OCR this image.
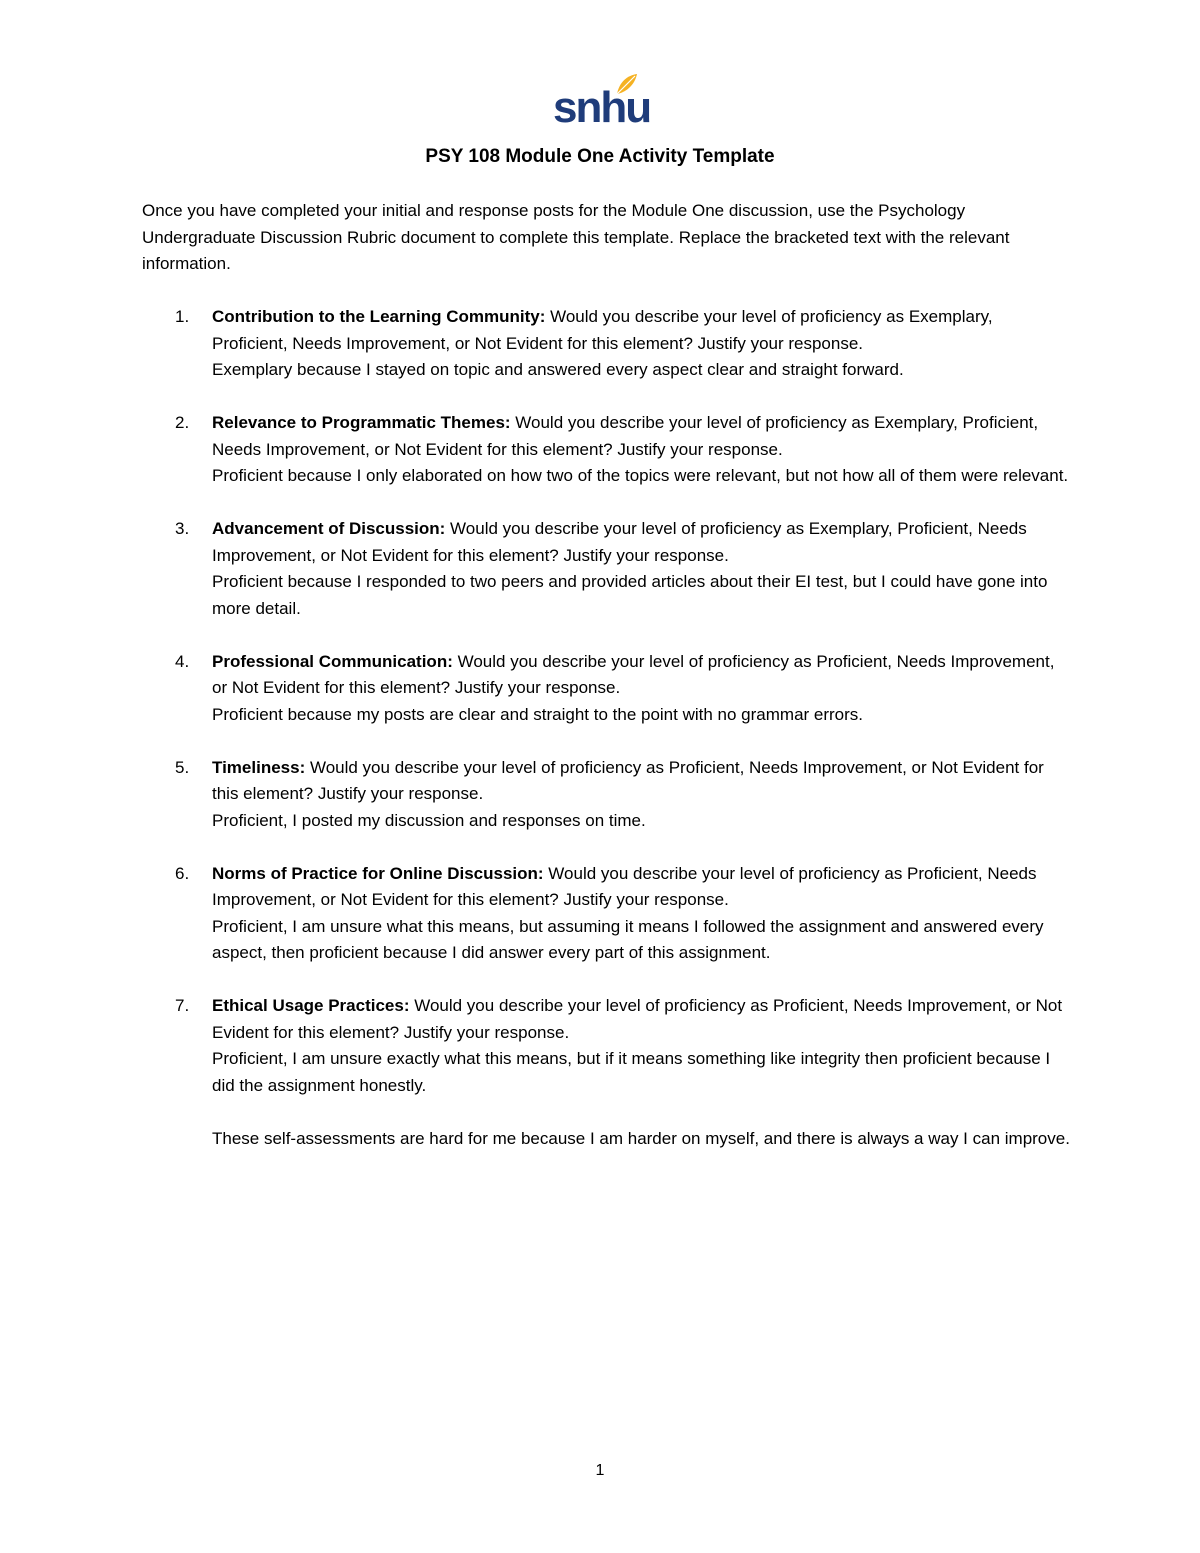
snhu
PSY 108 Module One Activity Template

Once you have completed your initial and response posts for the Module One discussion, use the Psychology Undergraduate Discussion Rubric document to complete this template. Replace the bracketed text with the relevant information.

1.	Contribution to the Learning Community: Would you describe your level of proficiency as Exemplary, Proficient, Needs Improvement, or Not Evident for this element? Justify your response.

Exemplary because I stayed on topic and answered every aspect clear and straight forward.

2.	Relevance to Programmatic Themes: Would you describe your level of proficiency as Exemplary, Proficient, Needs Improvement, or Not Evident for this element? Justify your response.

Proficient because I only elaborated on how two of the topics were relevant, but not how all of them were relevant.

3.	Advancement of Discussion: Would you describe your level of proficiency as Exemplary, Proficient, Needs Improvement, or Not Evident for this element? Justify your response.

Proficient because I responded to two peers and provided articles about their EI test, but I could have gone into more detail.

4.	Professional Communication: Would you describe your level of proficiency as Proficient, Needs Improvement, or Not Evident for this element? Justify your response.

Proficient because my posts are clear and straight to the point with no grammar errors.

5.	Timeliness: Would you describe your level of proficiency as Proficient, Needs Improvement, or Not Evident for this element? Justify your response.

Proficient, I posted my discussion and responses on time.

6.	Norms of Practice for Online Discussion: Would you describe your level of proficiency as Proficient, Needs Improvement, or Not Evident for this element? Justify your response.

Proficient, I am unsure what this means, but assuming it means I followed the assignment and answered every aspect, then proficient because I did answer every part of this assignment.

7.	Ethical Usage Practices: Would you describe your level of proficiency as Proficient, Needs Improvement, or Not Evident for this element? Justify your response.

Proficient, I am unsure exactly what this means, but if it means something like integrity then proficient because I did the assignment honestly.

These self-assessments are hard for me because I am harder on myself, and there is always a way I can improve.

1
